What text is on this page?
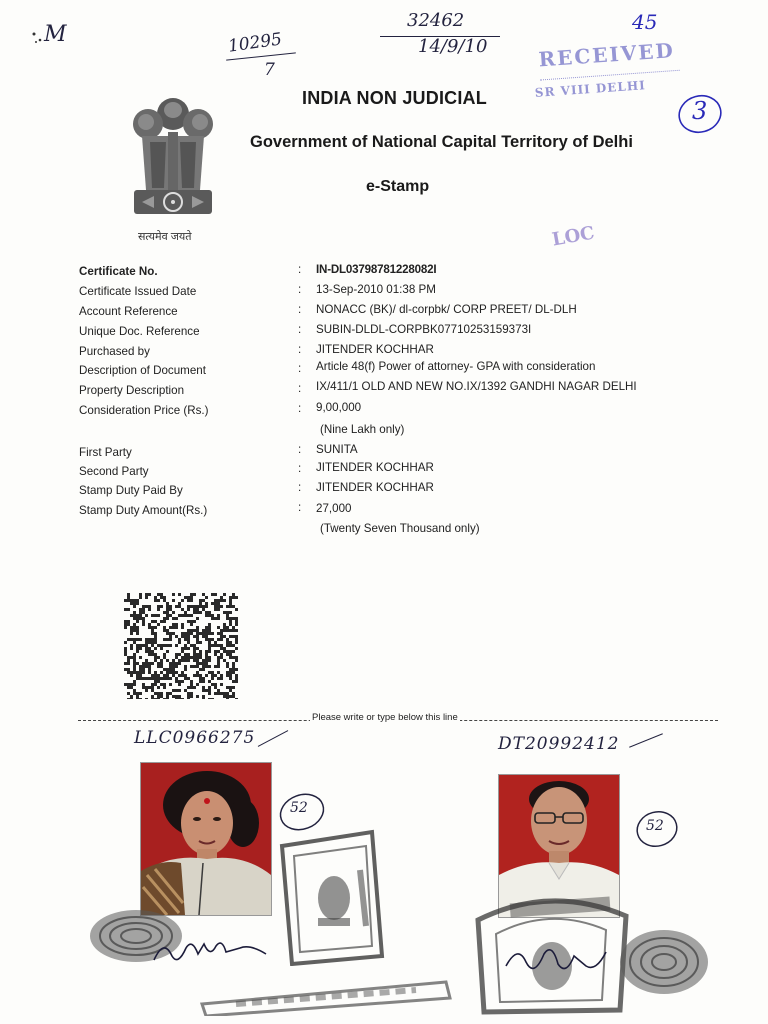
M	10295
7
32462
14/9/10
45
RECEIVED
SR VIII DELHI
3
सत्यमेव जयते
INDIA NON JUDICIAL
Government of National Capital Territory of Delhi
e-Stamp
LOC
Certificate No.	: IN-DL03798781228082I
Certificate Issued Date	: 13-Sep-2010 01:38 PM
Account Reference	: NONACC (BK)/ dl-corpbk/ CORP PREET/ DL-DLH
Unique Doc. Reference	: SUBIN-DLDL-CORPBK07710253159373I
Purchased by	: JITENDER KOCHHAR
Description of Document	: Article 48(f) Power of attorney- GPA with consideration
Property Description	: IX/411/1 OLD AND NEW NO.IX/1392 GANDHI NAGAR DELHI
Consideration Price (Rs.)	: 9,00,000
(Nine Lakh only)
First Party	: SUNITA
Second Party	: JITENDER KOCHHAR
Stamp Duty Paid By	: JITENDER KOCHHAR
Stamp Duty Amount(Rs.)	: 27,000
(Twenty Seven Thousand only)
Please write or type below this line
LLC0966275	DT20992412
52
52
